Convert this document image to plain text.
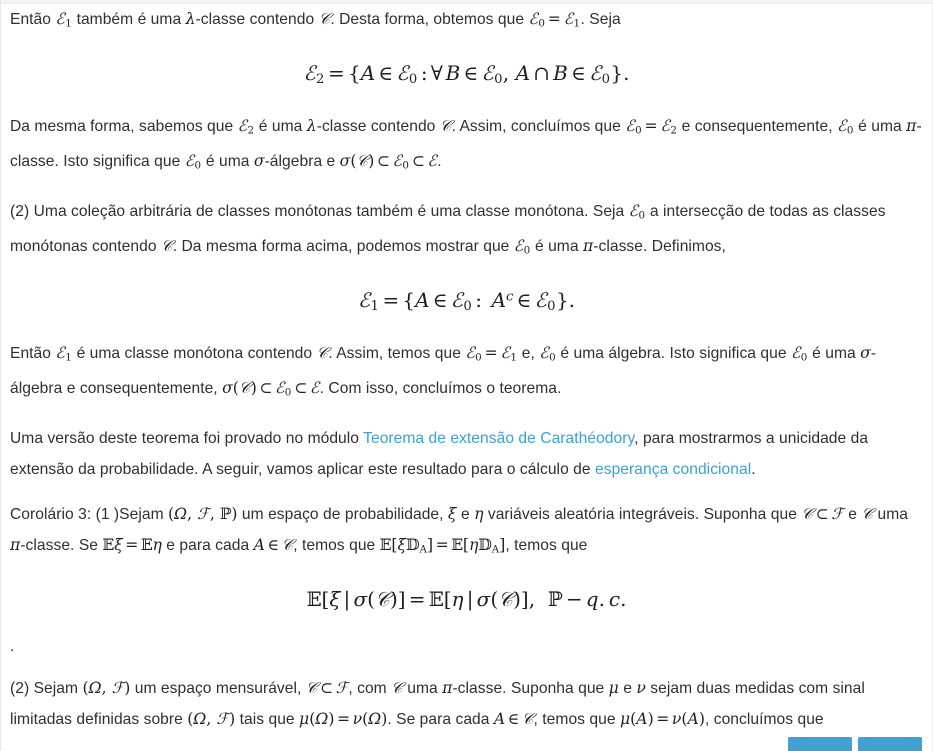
Então ℰ$_1$ também é uma λ-classe contendo 𝒞. Desta forma, obtemos que ℰ$_0$ = ℰ$_1$. Seja

ℰ$_2$ = {A ∈ ℰ$_0$ : ∀ B ∈ ℰ$_0$, A ∩ B ∈ ℰ$_0$}.

Da mesma forma, sabemos que ℰ$_2$ é uma λ-classe contendo 𝒞. Assim, concluímos que ℰ$_0$ = ℰ$_2$ e consequentemente, ℰ$_0$ é uma π-classe. Isto significa que ℰ$_0$ é uma σ-álgebra e σ(𝒞) ⊂ ℰ$_0$ ⊂ ℰ.

(2) Uma coleção arbitrária de classes monótonas também é uma classe monótona. Seja ℰ$_0$ a intersecção de todas as classes monótonas contendo 𝒞. Da mesma forma acima, podemos mostrar que ℰ$_0$ é uma π-classe. Definimos,

ℰ$_1$ = {A ∈ ℰ$_0$ : $A^c$ ∈ ℰ$_0$}.

Então ℰ$_1$ é uma classe monótona contendo 𝒞. Assim, temos que ℰ$_0$ = ℰ$_1$ e, ℰ$_0$ é uma álgebra. Isto significa que ℰ$_0$ é uma σ-álgebra e consequentemente, σ(𝒞) ⊂ ℰ$_0$ ⊂ ℰ. Com isso, concluímos o teorema.

Uma versão deste teorema foi provado no módulo Teorema de extensão de Carathéodory, para mostrarmos a unicidade da extensão da probabilidade. A seguir, vamos aplicar este resultado para o cálculo de esperança condicional.

Corolário 3: (1 )Sejam (Ω, ℱ, ℙ) um espaço de probabilidade, ξ e η variáveis aleatória integráveis. Suponha que 𝒞 ⊂ ℱ e 𝒞 uma π-classe. Se 𝔼ξ = 𝔼η e para cada A ∈ 𝒞, temos que 𝔼[ξ𝔻$_A$] = 𝔼[η𝔻$_A$], temos que

𝔼[ξ | σ(𝒞)] = 𝔼[η | σ(𝒞)], ℙ − q. c.

.

(2) Sejam (Ω, ℱ) um espaço mensurável, 𝒞 ⊂ ℱ, com 𝒞 uma π-classe. Suponha que μ e ν sejam duas medidas com sinal limitadas definidas sobre (Ω, ℱ) tais que μ(Ω) = ν(Ω). Se para cada A ∈ 𝒞, temos que μ(A) = ν(A), concluímos que
